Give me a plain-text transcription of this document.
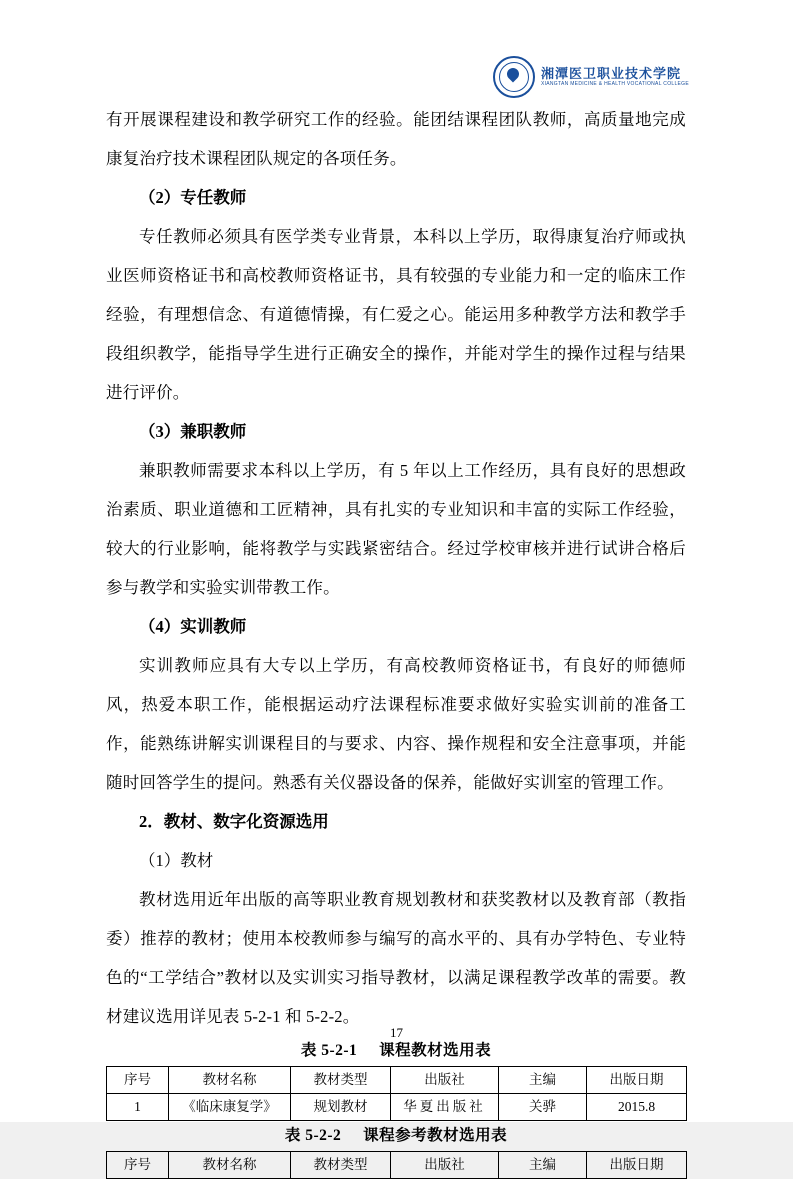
湘潭医卫职业技术学院
XIANGTAN MEDICINE & HEALTH VOCATIONAL COLLEGE

有开展课程建设和教学研究工作的经验。能团结课程团队教师，高质量地完成康复治疗技术课程团队规定的各项任务。

（2）专任教师

专任教师必须具有医学类专业背景，本科以上学历，取得康复治疗师或执业医师资格证书和高校教师资格证书，具有较强的专业能力和一定的临床工作经验，有理想信念、有道德情操，有仁爱之心。能运用多种教学方法和教学手段组织教学，能指导学生进行正确安全的操作，并能对学生的操作过程与结果进行评价。

（3）兼职教师

兼职教师需要求本科以上学历，有 5 年以上工作经历，具有良好的思想政治素质、职业道德和工匠精神，具有扎实的专业知识和丰富的实际工作经验，较大的行业影响，能将教学与实践紧密结合。经过学校审核并进行试讲合格后参与教学和实验实训带教工作。

（4）实训教师

实训教师应具有大专以上学历，有高校教师资格证书，有良好的师德师风，热爱本职工作，能根据运动疗法课程标准要求做好实验实训前的准备工作，能熟练讲解实训课程目的与要求、内容、操作规程和安全注意事项，并能随时回答学生的提问。熟悉有关仪器设备的保养，能做好实训室的管理工作。

2．教材、数字化资源选用

（1）教材

教材选用近年出版的高等职业教育规划教材和获奖教材以及教育部（教指委）推荐的教材；使用本校教师参与编写的高水平的、具有办学特色、专业特色的“工学结合”教材以及实训实习指导教材，以满足课程教学改革的需要。教材建议选用详见表 5-2-1 和 5-2-2。

表 5-2-1 课程教材选用表

序号	教材名称	教材类型	出版社	主编	出版日期
1	《临床康复学》	规划教材	华夏出版社	关骅	2015.8

表 5-2-2 课程参考教材选用表

序号	教材名称	教材类型	出版社	主编	出版日期
17
